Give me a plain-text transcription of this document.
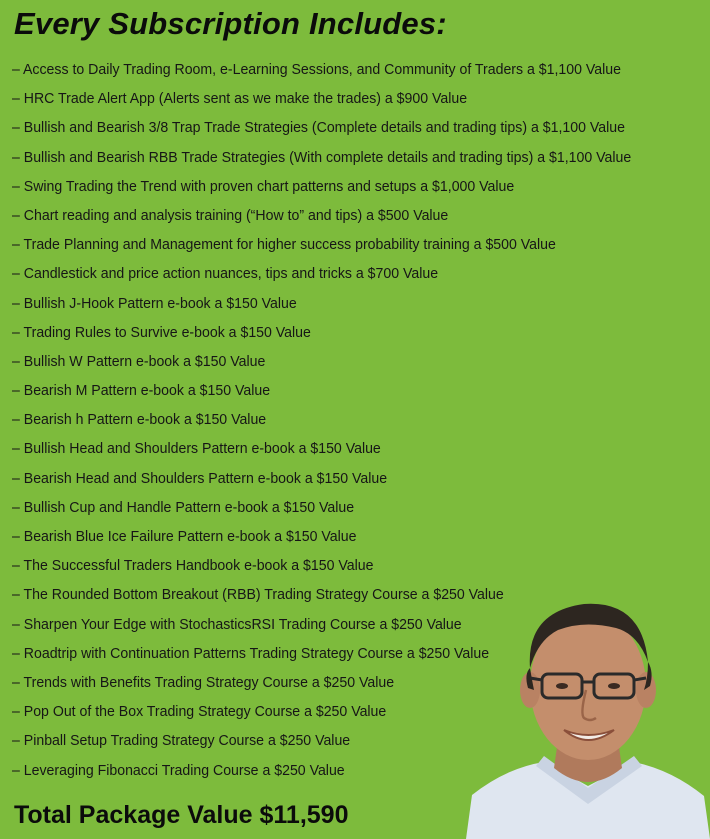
Every Subscription Includes:
– Access to Daily Trading Room, e-Learning Sessions, and Community of Traders a $1,100 Value
– HRC Trade Alert App (Alerts sent as we make the trades) a $900 Value
– Bullish and Bearish 3/8 Trap Trade Strategies (Complete details and trading tips) a $1,100 Value
– Bullish and Bearish RBB Trade Strategies (With complete details and trading tips) a $1,100 Value
– Swing Trading the Trend with proven chart patterns and setups a $1,000 Value
– Chart reading and analysis training (“How to” and tips) a $500 Value
– Trade Planning and Management for higher success probability training a $500 Value
– Candlestick and price action nuances, tips and tricks a $700 Value
– Bullish J-Hook Pattern e-book a $150 Value
– Trading Rules to Survive e-book a $150 Value
– Bullish W Pattern e-book a $150 Value
– Bearish M Pattern e-book a $150 Value
– Bearish h Pattern e-book a $150 Value
– Bullish Head and Shoulders Pattern e-book a $150 Value
– Bearish Head and Shoulders Pattern e-book a $150 Value
– Bullish Cup and Handle Pattern e-book a $150 Value
– Bearish Blue Ice Failure Pattern e-book a $150 Value
– The Successful Traders Handbook e-book a $150 Value
– The Rounded Bottom Breakout (RBB) Trading Strategy Course a $250 Value
– Sharpen Your Edge with StochasticsRSI Trading Course a $250 Value
– Roadtrip with Continuation Patterns Trading Strategy Course a $250 Value
– Trends with Benefits Trading Strategy Course a $250 Value
– Pop Out of the Box Trading Strategy Course a $250 Value
– Pinball Setup Trading Strategy Course a $250 Value
– Leveraging Fibonacci Trading Course a $250 Value
Total Package Value $11,590
